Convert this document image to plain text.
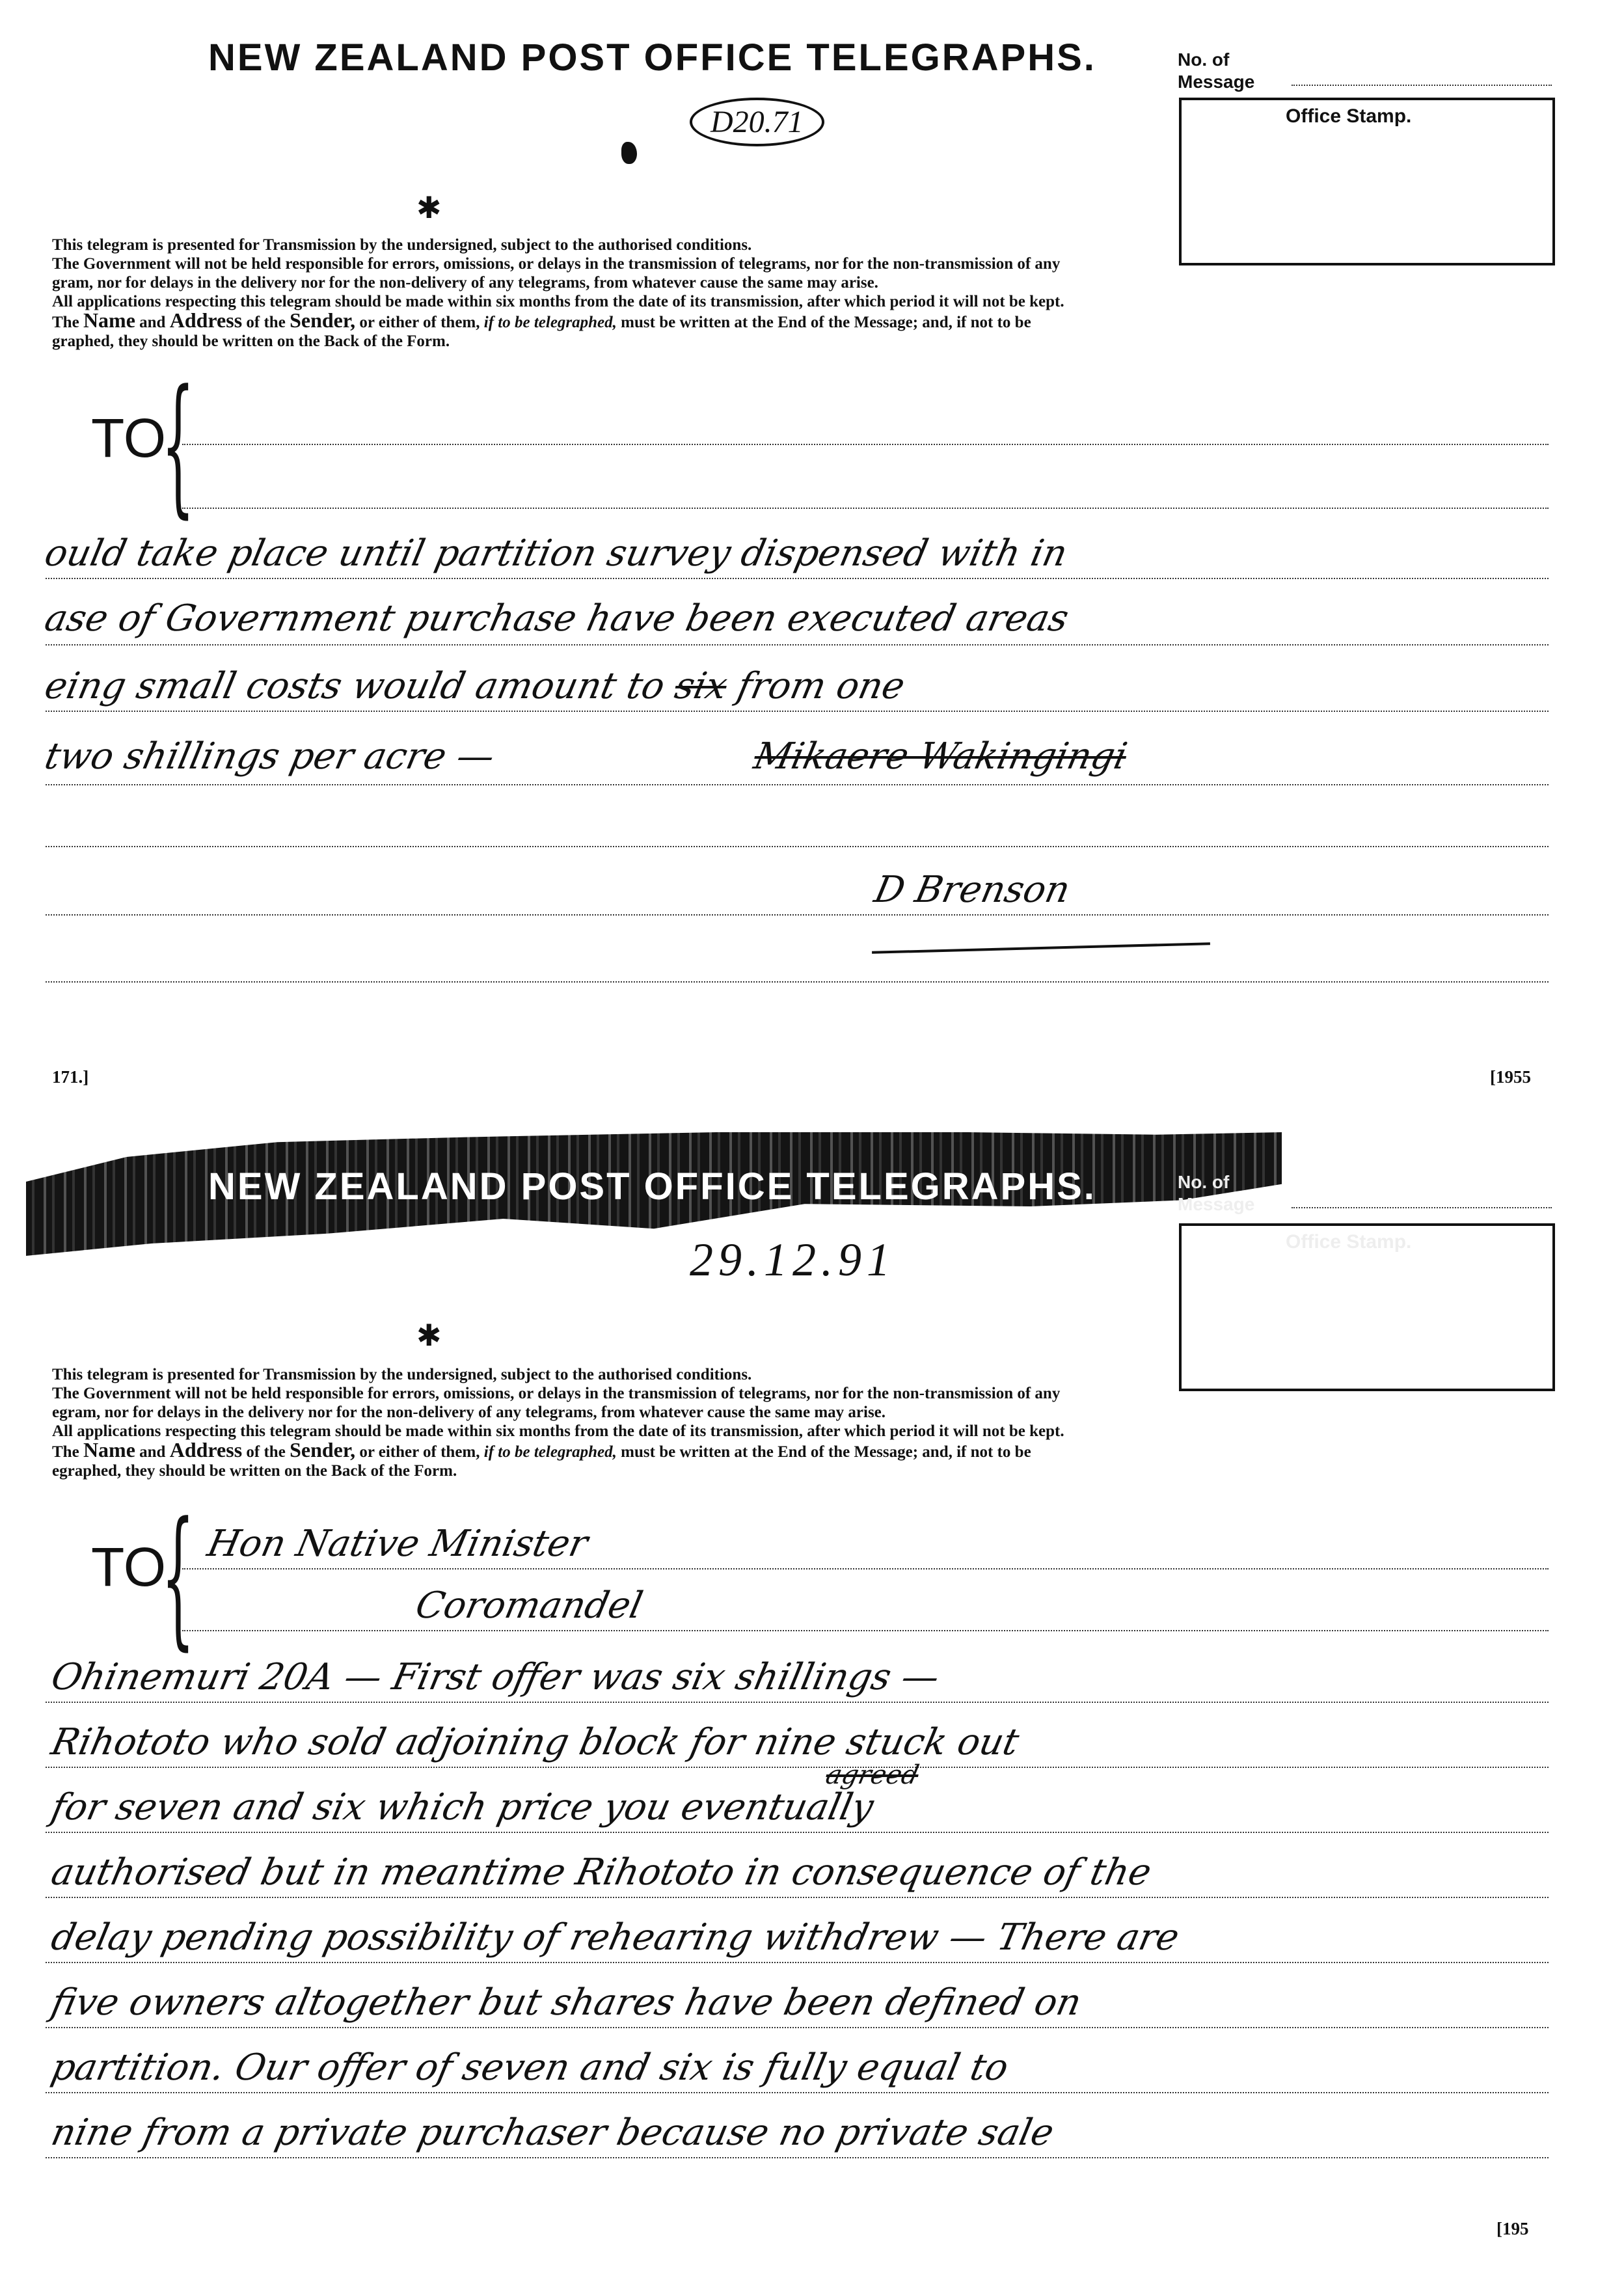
NEW ZEALAND POST OFFICE TELEGRAPHS.	No. of
Message
Office Stamp.
D20.71
✱

This telegram is presented for Transmission by the undersigned, subject to the authorised conditions.

The Government will not be held responsible for errors, omissions, or delays in the transmission of telegrams, nor for the non-transmission of any

gram, nor for delays in the delivery nor for the non-delivery of any telegrams, from whatever cause the same may arise.

All applications respecting this telegram should be made within six months from the date of its transmission, after which period it will not be kept.

The Name and Address of the Sender, or either of them, if to be telegraphed, must be written at the End of the Message; and, if not to be

graphed, they should be written on the Back of the Form.

TO
{
ould take place until partition survey dispensed with in
ase of Government purchase have been executed areas
eing small costs would amount to six from one
two shillings per acre —	Mikaere Wakingingi
D Brenson
171.]	[1955
NEW ZEALAND POST OFFICE TELEGRAPHS.	No. of
Message
Office Stamp.
29.12.91
✱

This telegram is presented for Transmission by the undersigned, subject to the authorised conditions.

The Government will not be held responsible for errors, omissions, or delays in the transmission of telegrams, nor for the non-transmission of any

egram, nor for delays in the delivery nor for the non-delivery of any telegrams, from whatever cause the same may arise.

All applications respecting this telegram should be made within six months from the date of its transmission, after which period it will not be kept.

The Name and Address of the Sender, or either of them, if to be telegraphed, must be written at the End of the Message; and, if not to be

egraphed, they should be written on the Back of the Form.

TO
{ Hon Native Minister
Coromandel
Ohinemuri 20A — First offer was six shillings —
Rihototo who sold adjoining block for nine stuck out
for seven and six which price you eventually
agreed
authorised but in meantime Rihototo in consequence of the
delay pending possibility of rehearing withdrew — There are
five owners altogether but shares have been defined on
partition. Our offer of seven and six is fully equal to
nine from a private purchaser because no private sale
[195
